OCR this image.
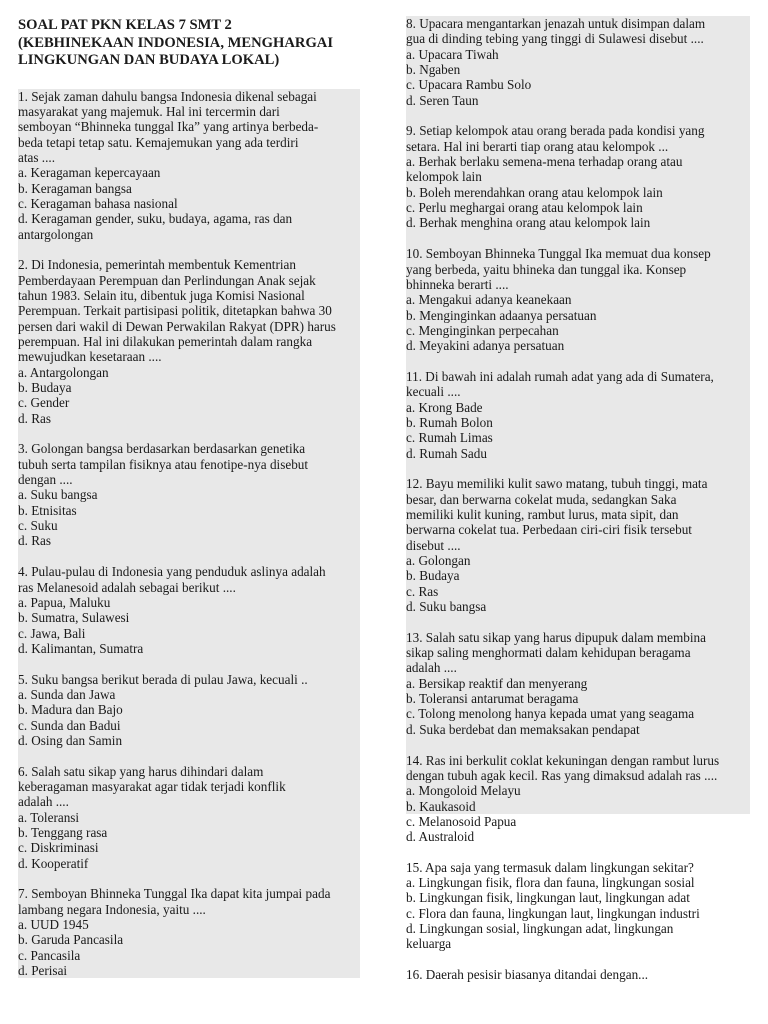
SOAL PAT PKN KELAS 7 SMT 2
(KEBHINEKAAN INDONESIA, MENGHARGAI
LINGKUNGAN DAN BUDAYA LOKAL)
1. Sejak zaman dahulu bangsa Indonesia dikenal sebagai
masyarakat yang majemuk. Hal ini tercermin dari
semboyan “Bhinneka tunggal Ika” yang artinya berbeda-
beda tetapi tetap satu. Kemajemukan yang ada terdiri
atas ....
a. Keragaman kepercayaan
b. Keragaman bangsa
c. Keragaman bahasa nasional
d. Keragaman gender, suku, budaya, agama, ras dan
antargolongan
2. Di Indonesia, pemerintah membentuk Kementrian
Pemberdayaan Perempuan dan Perlindungan Anak sejak
tahun 1983. Selain itu, dibentuk juga Komisi Nasional
Perempuan. Terkait partisipasi politik, ditetapkan bahwa 30
persen dari wakil di Dewan Perwakilan Rakyat (DPR) harus
perempuan. Hal ini dilakukan pemerintah dalam rangka
mewujudkan kesetaraan ....
a. Antargolongan
b. Budaya
c. Gender
d. Ras
3. Golongan bangsa berdasarkan berdasarkan genetika
tubuh serta tampilan fisiknya atau fenotipe-nya disebut
dengan ....
a. Suku bangsa
b. Etnisitas
c. Suku
d. Ras
4. Pulau-pulau di Indonesia yang penduduk aslinya adalah
ras Melanesoid adalah sebagai berikut ....
a. Papua, Maluku
b. Sumatra, Sulawesi
c. Jawa, Bali
d. Kalimantan, Sumatra
5. Suku bangsa berikut berada di pulau Jawa, kecuali ..
a. Sunda dan Jawa
b. Madura dan Bajo
c. Sunda dan Badui
d. Osing dan Samin
6. Salah satu sikap yang harus dihindari dalam
keberagaman masyarakat agar tidak terjadi konflik
adalah ....
a. Toleransi
b. Tenggang rasa
c. Diskriminasi
d. Kooperatif
7. Semboyan Bhinneka Tunggal Ika dapat kita jumpai pada
lambang negara Indonesia, yaitu ....
a. UUD 1945
b. Garuda Pancasila
c. Pancasila
d. Perisai
8. Upacara mengantarkan jenazah untuk disimpan dalam
gua di dinding tebing yang tinggi di Sulawesi disebut ....
a. Upacara Tiwah
b. Ngaben
c. Upacara Rambu Solo
d. Seren Taun
9. Setiap kelompok atau orang berada pada kondisi yang
setara. Hal ini berarti tiap orang atau kelompok ...
a. Berhak berlaku semena-mena terhadap orang atau
kelompok lain
b. Boleh merendahkan orang atau kelompok lain
c. Perlu meghargai orang atau kelompok lain
d. Berhak menghina orang atau kelompok lain
10. Semboyan Bhinneka Tunggal Ika memuat dua konsep
yang berbeda, yaitu bhineka dan tunggal ika. Konsep
bhinneka berarti ....
a. Mengakui adanya keanekaan
b. Menginginkan adaanya persatuan
c. Menginginkan perpecahan
d. Meyakini adanya persatuan
11. Di bawah ini adalah rumah adat yang ada di Sumatera,
kecuali ....
a. Krong Bade
b. Rumah Bolon
c. Rumah Limas
d. Rumah Sadu
12. Bayu memiliki kulit sawo matang, tubuh tinggi, mata
besar, dan berwarna cokelat muda, sedangkan Saka
memiliki kulit kuning, rambut lurus, mata sipit, dan
berwarna cokelat tua. Perbedaan ciri-ciri fisik tersebut
disebut ....
a. Golongan
b. Budaya
c. Ras
d. Suku bangsa
13. Salah satu sikap yang harus dipupuk dalam membina
sikap saling menghormati dalam kehidupan beragama
adalah ....
a. Bersikap reaktif dan menyerang
b. Toleransi antarumat beragama
c. Tolong menolong hanya kepada umat yang seagama
d. Suka berdebat dan memaksakan pendapat
14. Ras ini berkulit coklat kekuningan dengan rambut lurus
dengan tubuh agak kecil. Ras yang dimaksud adalah ras ....
a. Mongoloid Melayu
b. Kaukasoid
c. Melanosoid Papua
d. Australoid
15. Apa saja yang termasuk dalam lingkungan sekitar?
a. Lingkungan fisik, flora dan fauna, lingkungan sosial
b. Lingkungan fisik, lingkungan laut, lingkungan adat
c. Flora dan fauna, lingkungan laut, lingkungan industri
d. Lingkungan sosial, lingkungan adat, lingkungan
keluarga
16. Daerah pesisir biasanya ditandai dengan...
